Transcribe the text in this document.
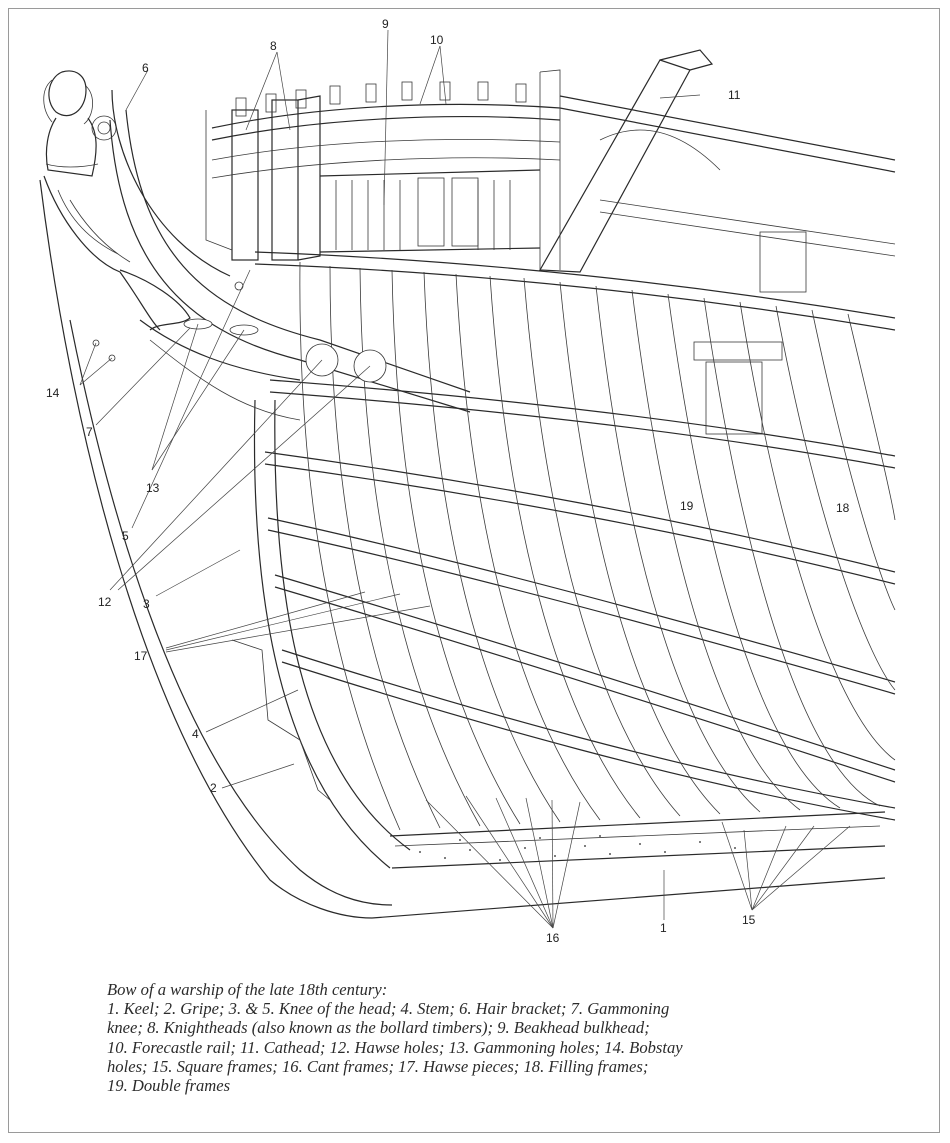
1
2
3
4
5
6
7
8
9
10
11
12
13
14
15
16
17
18
19
Bow of a warship of the late 18th century:
1. Keel; 2. Gripe; 3. & 5. Knee of the head; 4. Stem; 6. Hair bracket; 7. Gammoning
knee; 8. Knightheads (also known as the bollard timbers); 9. Beakhead bulkhead;
10. Forecastle rail; 11. Cathead; 12. Hawse holes; 13. Gammoning holes; 14. Bobstay
holes; 15. Square frames; 16. Cant frames; 17. Hawse pieces; 18. Filling frames;
19. Double frames
